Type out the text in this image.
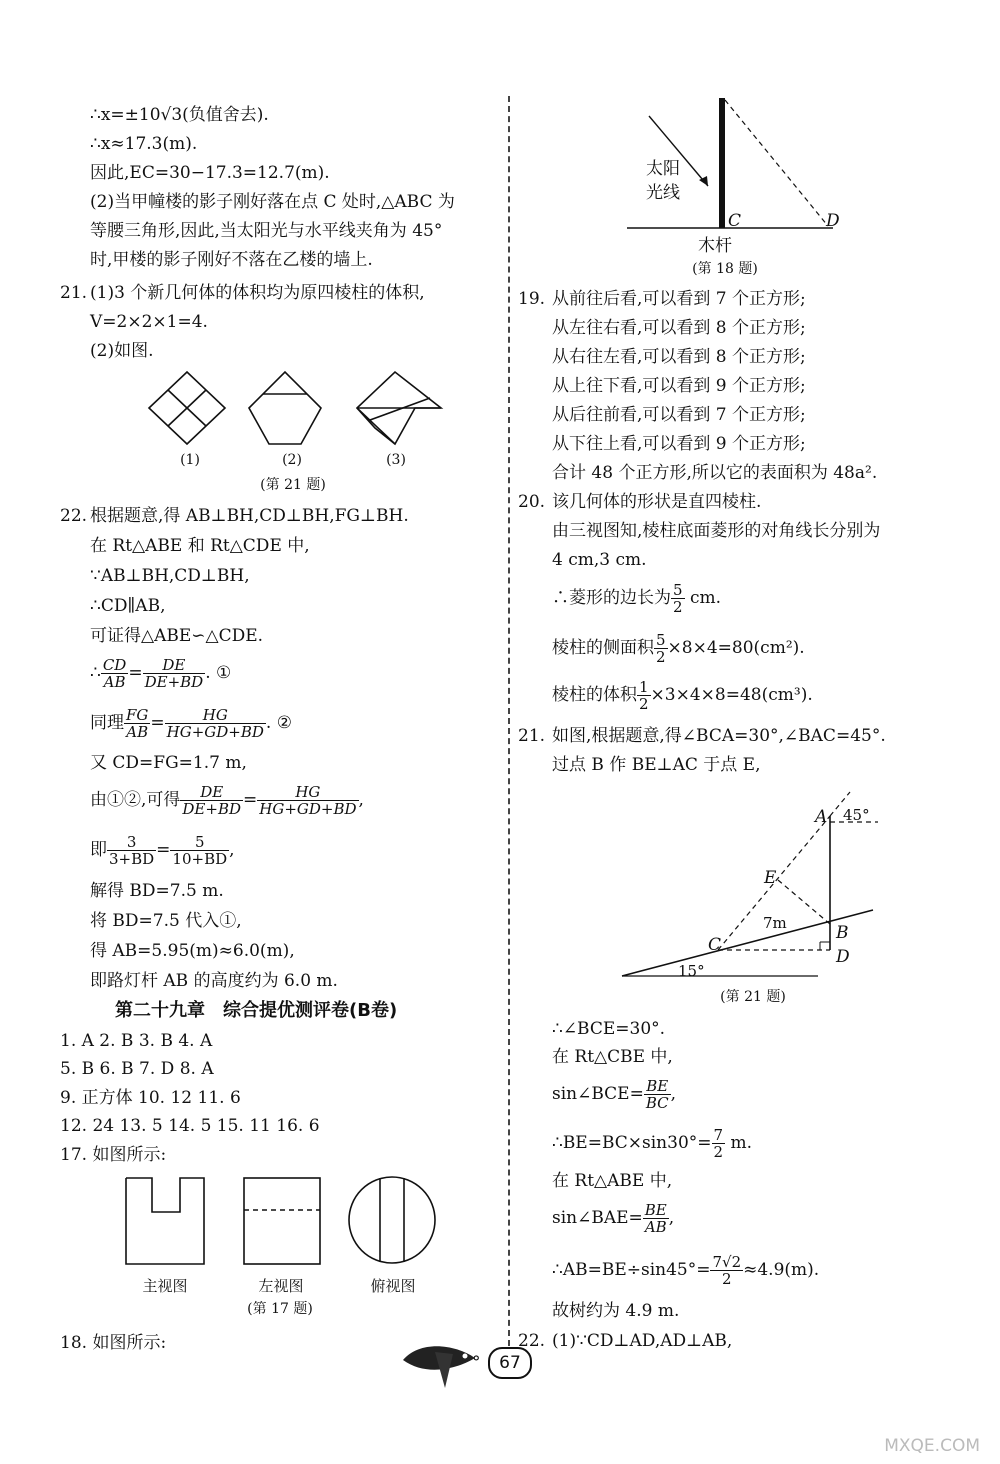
∴x=±10√3(负值舍去).
∴x≈17.3(m).
因此,EC=30−17.3=12.7(m).
(2)当甲幢楼的影子刚好落在点 C 处时,△ABC 为
等腰三角形,因此,当太阳光与水平线夹角为 45°
时,甲楼的影子刚好不落在乙楼的墙上.
21. (1)3 个新几何体的体积均为原四棱柱的体积,
V=2×2×1=4.
(2)如图.
(1)	(2)	(3)
(第 21 题)
22. 根据题意,得 AB⊥BH,CD⊥BH,FG⊥BH.
在 Rt△ABE 和 Rt△CDE 中,
∵AB⊥BH,CD⊥BH,
∴CD∥AB,
可证得△ABE∽△CDE.
∴ $\frac{CD}{AB} = \frac{DE}{DE+BD}$ . ①
同理 $\frac{FG}{AB} = \frac{HG}{HG+GD+BD}$ . ②
又 CD=FG=1.7 m,
由①②,可得 $\frac{DE}{DE+BD} = \frac{HG}{HG+GD+BD}$ ,
即 $\frac{3}{3+BD} = \frac{5}{10+BD}$ ,
解得 BD=7.5 m.
将 BD=7.5 代入①,
得 AB=5.95(m)≈6.0(m),
即路灯杆 AB 的高度约为 6.0 m.
第二十九章　综合提优测评卷(B卷)
1. A 2. B 3. B 4. A
5. B 6. B 7. D 8. A
9. 正方体 10. 12 11. 6
12. 24 13. 5 14. 5 15. 11 16. 6
17. 如图所示:
主视图	左视图	俯视图
(第 17 题)
18. 如图所示:
太阳
光线
C	D
木杆
(第 18 题)
19. 从前往后看,可以看到 7 个正方形;
从左往右看,可以看到 8 个正方形;
从右往左看,可以看到 8 个正方形;
从上往下看,可以看到 9 个正方形;
从后往前看,可以看到 7 个正方形;
从下往上看,可以看到 9 个正方形;
合计 48 个正方形,所以它的表面积为 48a².
20. 该几何体的形状是直四棱柱.
由三视图知,棱柱底面菱形的对角线长分别为
4 cm,3 cm.
∴菱形的边长为 $\frac{5}{2}$ cm.
棱柱的侧面积 $\frac{5}{2} \times 8\times 4=80(cm^2)$.
棱柱的体积 $\frac{1}{2} \times 3\times 4\times 8=48(cm^3)$.
21. 如图,根据题意,得∠BCA=30°,∠BAC=45°.
过点 B 作 BE⊥AC 于点 E,
A 45°
E
7m
C
B
D
15°
(第 21 题)
∴∠BCE=30°.
在 Rt△CBE 中,
sin∠BCE= $\frac{BE}{BC}$ ,
∴BE=BC×sin30°= $\frac{7}{2} m$.
在 Rt△ABE 中,
sin∠BAE= $\frac{BE}{AB}$ ,
∴AB=BE÷sin45°= $\frac{7√2}{2} \approx 4.9(m)$.
故树约为 4.9 m.
22. (1)∵CD⊥AD,AD⊥AB,
°	67
MXQE.COM
